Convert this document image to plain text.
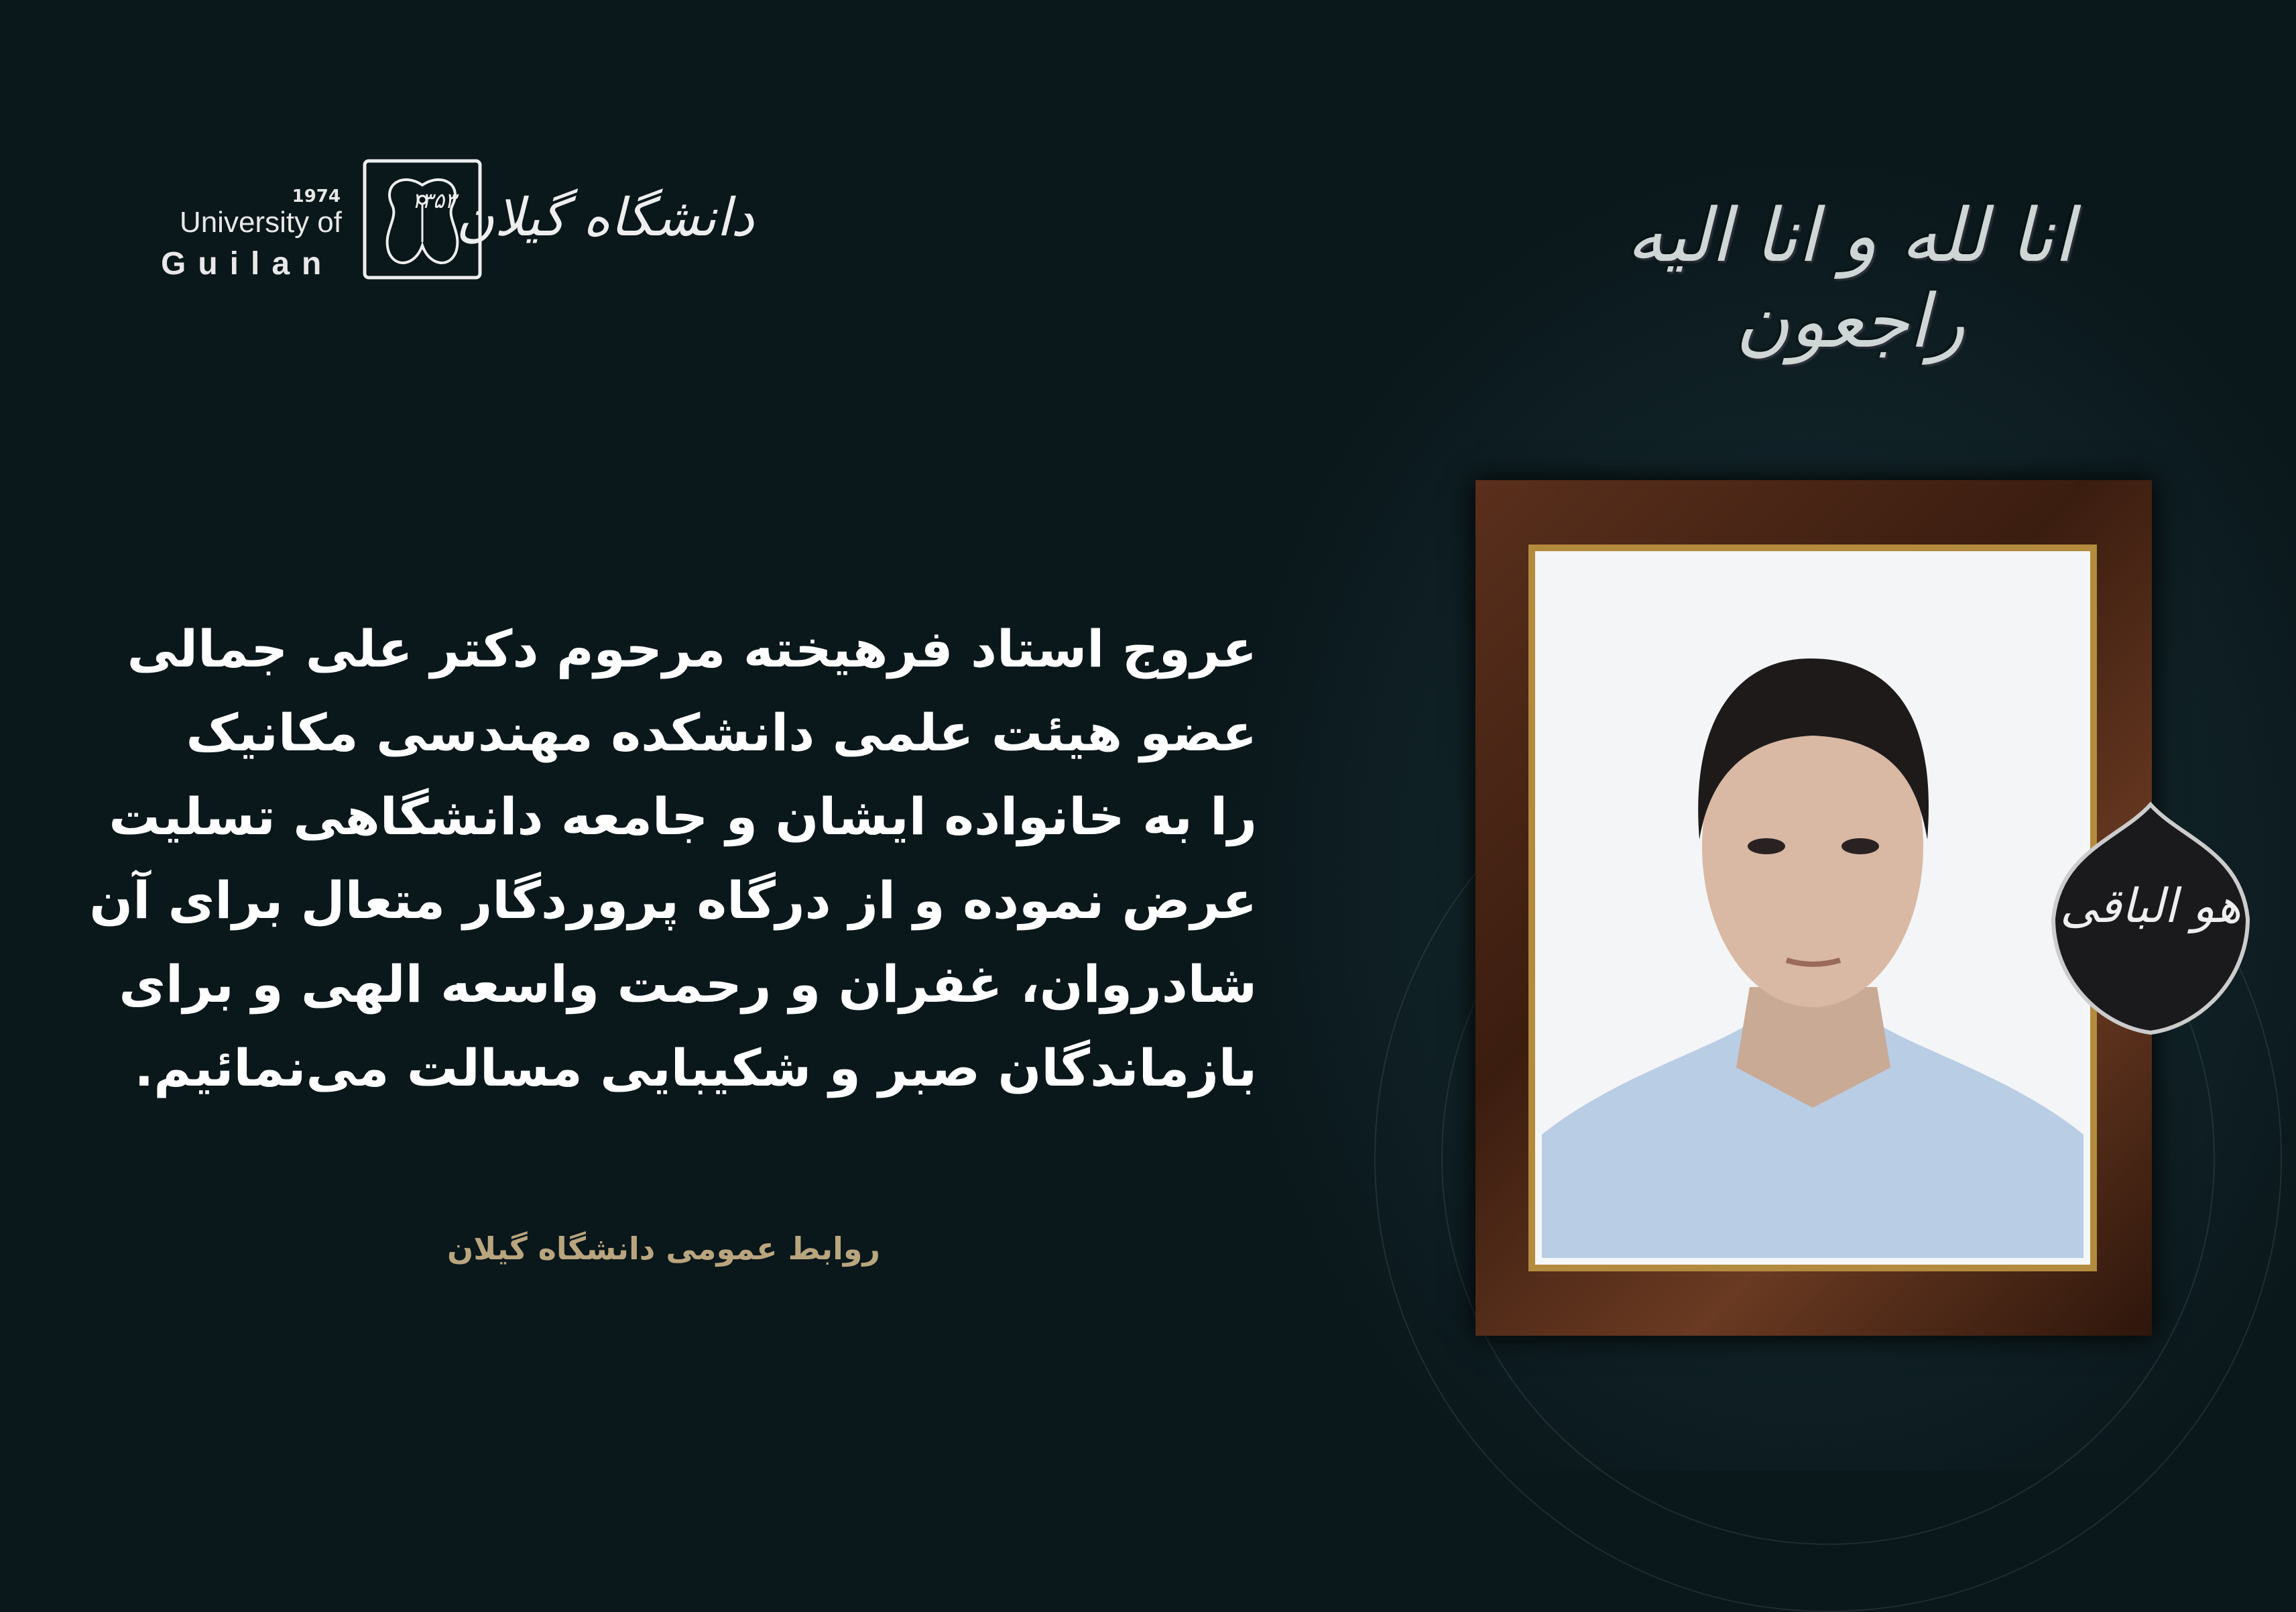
1974
University of
Guilan
دانشگاه گیلان$^{۱۳۵۳}$	انا لله و انا الیه راجعون
عروج استاد فرهیخته مرحوم دکتر علی جمالی
عضو هیئت علمی دانشکده مهندسی مکانیک
را به خانواده ایشان و جامعه دانشگاهی تسلیت
عرض نموده و از درگاه پروردگار متعال برای آن
شادروان، غفران و رحمت واسعه الهی و برای
بازماندگان صبر و شکیبایی مسالت می‌نمائیم.
روابط عمومی دانشگاه گیلان
هو الباقی
